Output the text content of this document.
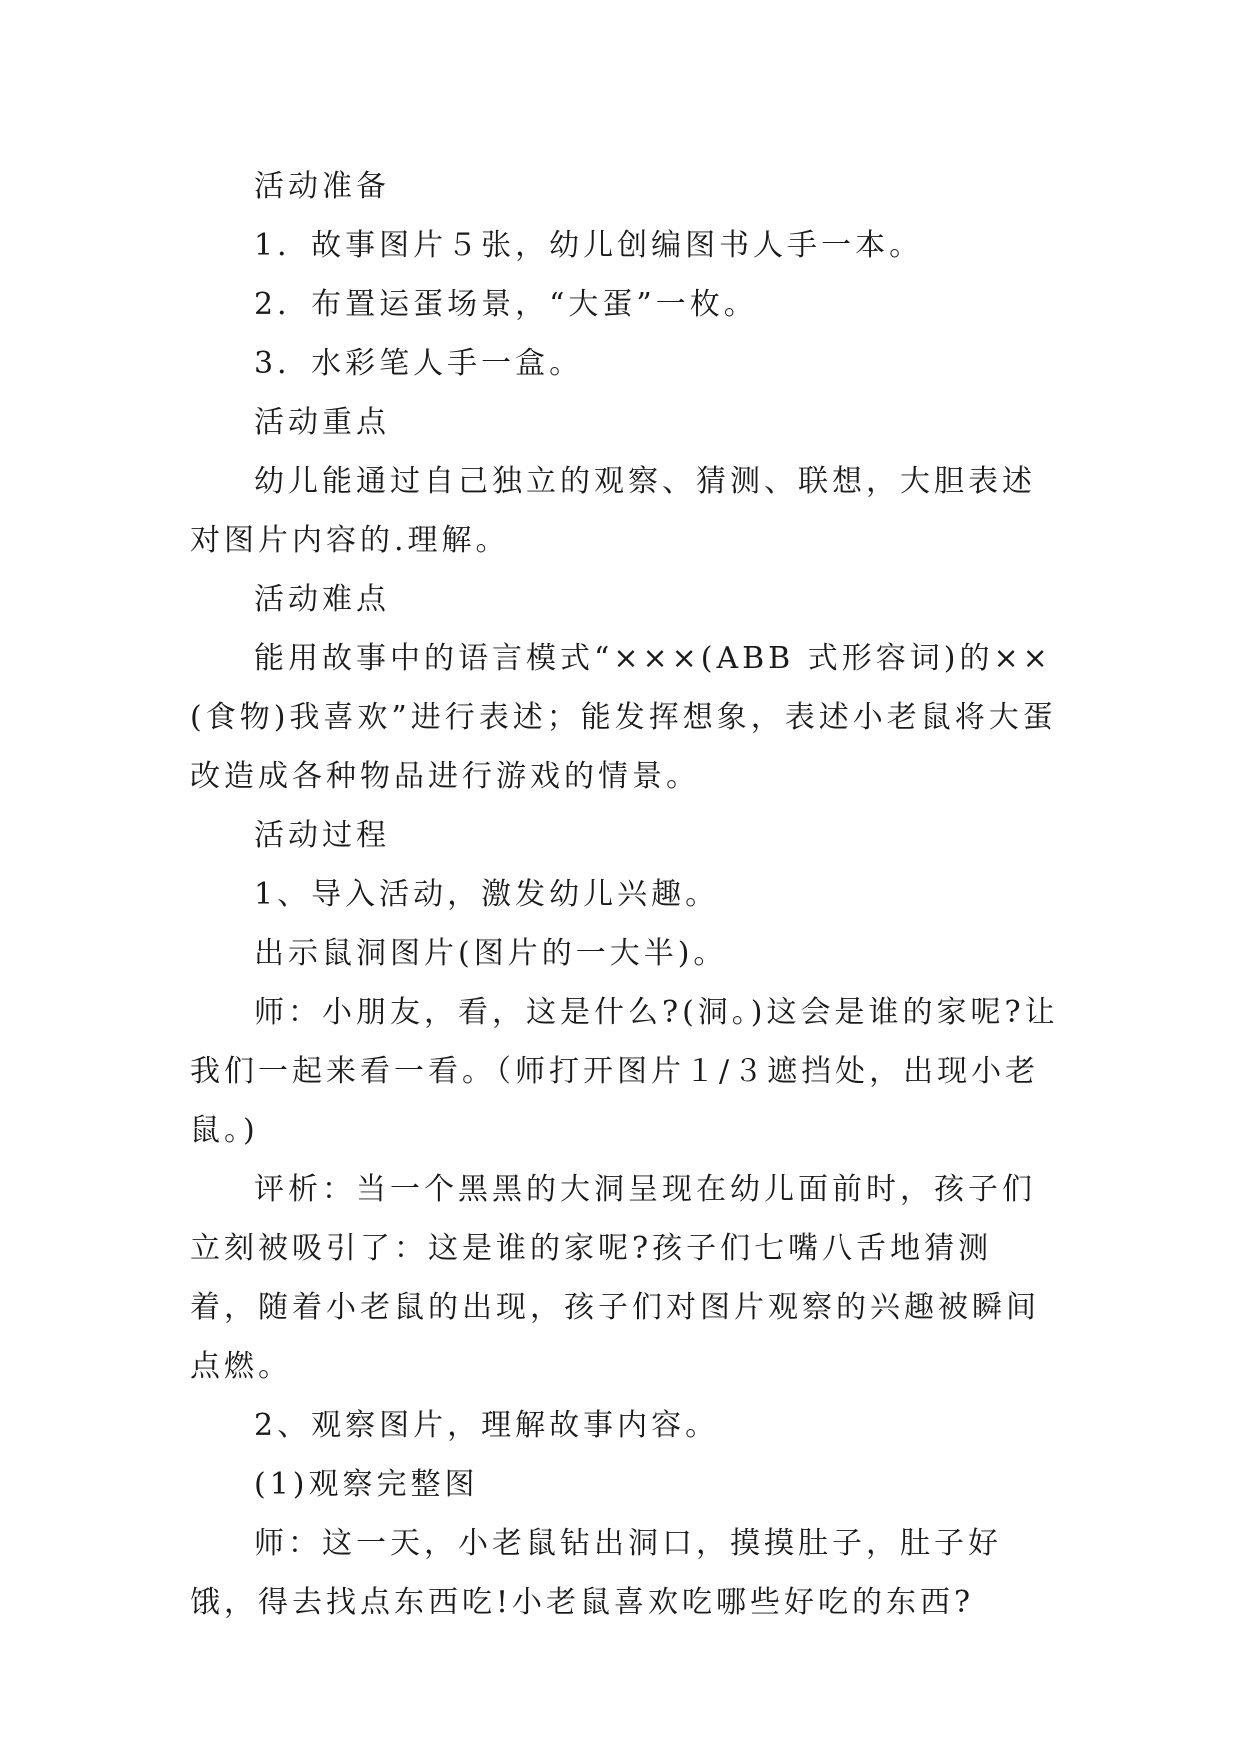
活动准备

1．故事图片５张，幼儿创编图书人手一本。

2．布置运蛋场景，“大蛋”一枚。

3．水彩笔人手一盒。

活动重点

幼儿能通过自己独立的观察、猜测、联想，大胆表述对图片内容的.理解。

活动难点

能用故事中的语言模式“×××(ABB 式形容词)的××(食物)我喜欢”进行表述；能发挥想象，表述小老鼠将大蛋改造成各种物品进行游戏的情景。

活动过程

1、导入活动，激发幼儿兴趣。

出示鼠洞图片(图片的一大半)。

师：小朋友，看，这是什么?(洞。)这会是谁的家呢?让我们一起来看一看。（师打开图片１/３遮挡处，出现小老鼠。)

评析：当一个黑黑的大洞呈现在幼儿面前时，孩子们立刻被吸引了：这是谁的家呢?孩子们七嘴八舌地猜测着，随着小老鼠的出现，孩子们对图片观察的兴趣被瞬间点燃。

2、观察图片，理解故事内容。

(1)观察完整图

师：这一天，小老鼠钻出洞口，摸摸肚子，肚子好饿，得去找点东西吃!小老鼠喜欢吃哪些好吃的东西?
